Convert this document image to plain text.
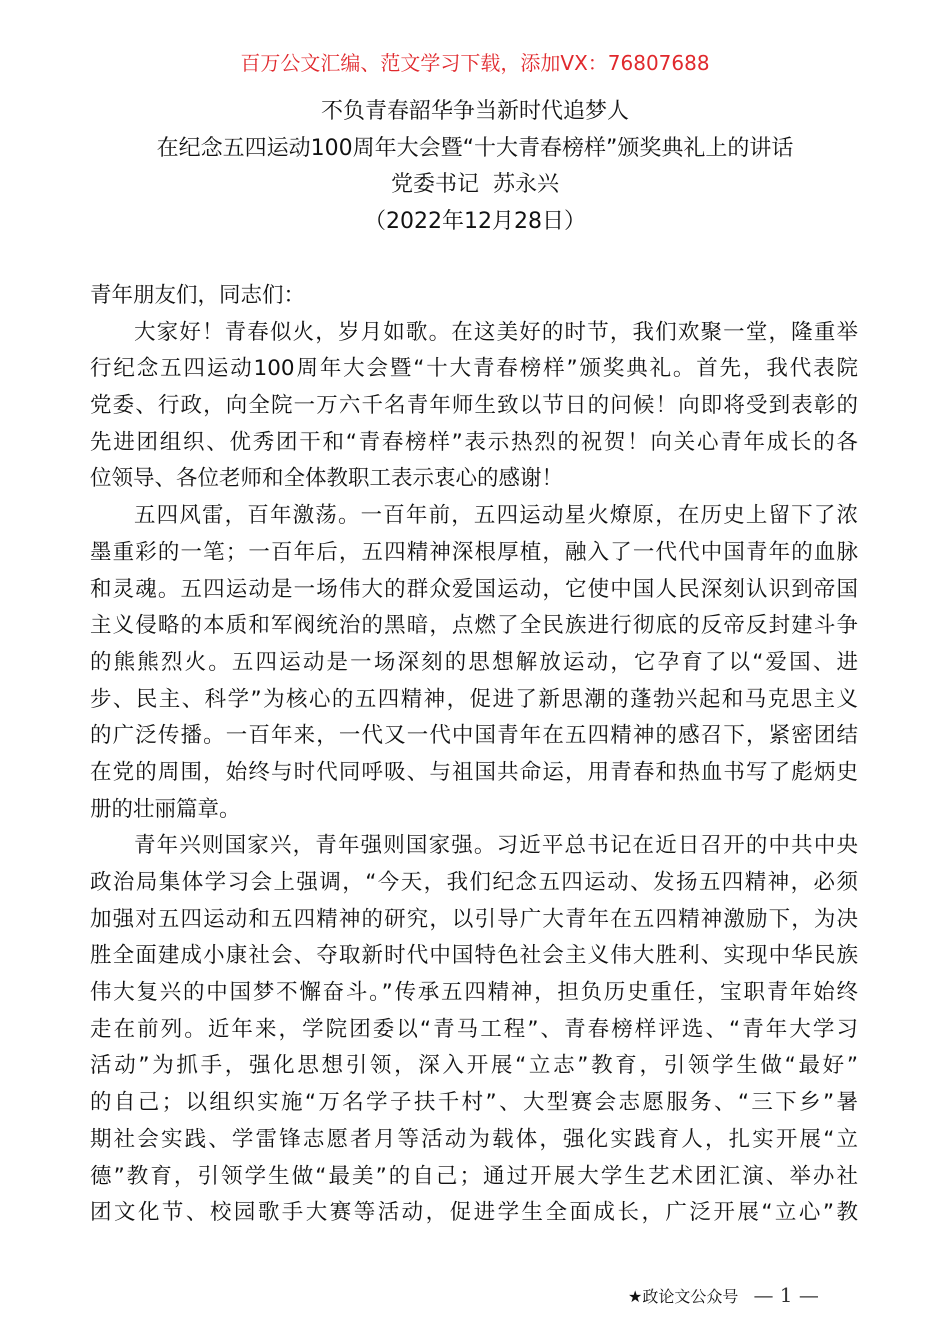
百万公文汇编、范文学习下载，添加VX：76807688
不负青春韶华争当新时代追梦人
在纪念五四运动100周年大会暨“十大青春榜样”颁奖典礼上的讲话
党委书记  苏永兴
（2022年12月28日）
青年朋友们，同志们：
大家好！青春似火，岁月如歌。在这美好的时节，我们欢聚一堂，隆重举
行纪念五四运动100周年大会暨“十大青春榜样”颁奖典礼。首先，我代表院
党委、行政，向全院一万六千名青年师生致以节日的问候！向即将受到表彰的
先进团组织、优秀团干和“青春榜样”表示热烈的祝贺！向关心青年成长的各
位领导、各位老师和全体教职工表示衷心的感谢！
五四风雷，百年激荡。一百年前，五四运动星火燎原，在历史上留下了浓
墨重彩的一笔；一百年后，五四精神深根厚植，融入了一代代中国青年的血脉
和灵魂。五四运动是一场伟大的群众爱国运动，它使中国人民深刻认识到帝国
主义侵略的本质和军阀统治的黑暗，点燃了全民族进行彻底的反帝反封建斗争
的熊熊烈火。五四运动是一场深刻的思想解放运动，它孕育了以“爱国、进
步、民主、科学”为核心的五四精神，促进了新思潮的蓬勃兴起和马克思主义
的广泛传播。一百年来，一代又一代中国青年在五四精神的感召下，紧密团结
在党的周围，始终与时代同呼吸、与祖国共命运，用青春和热血书写了彪炳史
册的壮丽篇章。
青年兴则国家兴，青年强则国家强。习近平总书记在近日召开的中共中央
政治局集体学习会上强调，“今天，我们纪念五四运动、发扬五四精神，必须
加强对五四运动和五四精神的研究，以引导广大青年在五四精神激励下，为决
胜全面建成小康社会、夺取新时代中国特色社会主义伟大胜利、实现中华民族
伟大复兴的中国梦不懈奋斗。”传承五四精神，担负历史重任，宝职青年始终
走在前列。近年来，学院团委以“青马工程”、青春榜样评选、“青年大学习
活动”为抓手，强化思想引领，深入开展“立志”教育，引领学生做“最好”
的自己；以组织实施“万名学子扶千村”、大型赛会志愿服务、“三下乡”暑
期社会实践、学雷锋志愿者月等活动为载体，强化实践育人，扎实开展“立
德”教育，引领学生做“最美”的自己；通过开展大学生艺术团汇演、举办社
团文化节、校园歌手大赛等活动，促进学生全面成长，广泛开展“立心”教
★政论文公众号 — 1 —
